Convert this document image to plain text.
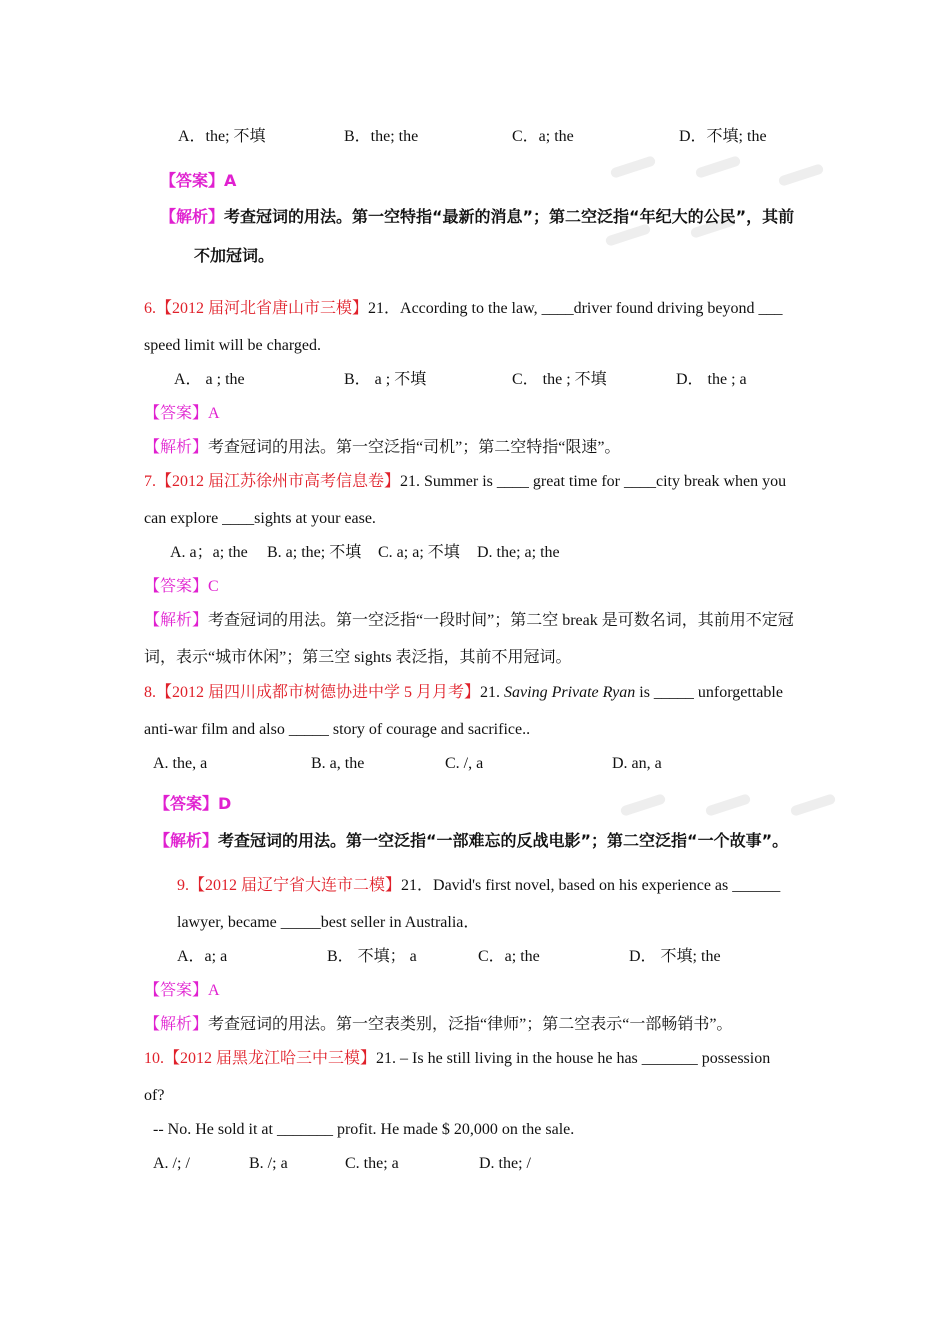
A．the; 不填	B．the; the	C．a; the	D．不填; the
【答案】A
【解析】考查冠词的用法。第一空特指“最新的消息”；第二空泛指“年纪大的公民”，其前
不加冠词。
6.【2012 届河北省唐山市三模】21．According to the law, ____driver found driving beyond ___
speed limit will be charged.
A． a ; the	B． a ; 不填	C． the ; 不填	D． the ; a
【答案】A
【解析】考查冠词的用法。第一空泛指“司机”；第二空特指“限速”。
7.【2012 届江苏徐州市高考信息卷】21. Summer is ____ great time for ____city break when you
can explore ____sights at your ease.
A. a；a; the B. a; the; 不填 C. a; a; 不填 D. the; a; the
【答案】C
【解析】考查冠词的用法。第一空泛指“一段时间”；第二空 break 是可数名词，其前用不定冠
词，表示“城市休闲”；第三空 sights 表泛指，其前不用冠词。
8.【2012 届四川成都市树德协进中学 5 月月考】21. Saving Private Ryan is _____ unforgettable
anti-war film and also _____ story of courage and sacrifice..
A. the, a	B. a, the	C. /, a	D. an, a
【答案】D
【解析】考查冠词的用法。第一空泛指“一部难忘的反战电影”；第二空泛指“一个故事”。
9.【2012 届辽宁省大连市二模】21．David's first novel, based on his experience as ______
lawyer, became _____best seller in Australia．
A．a; a	B． 不填； a	C．a; the	D． 不填; the
【答案】A
【解析】考查冠词的用法。第一空表类别，泛指“律师”；第二空表示“一部畅销书”。
10.【2012 届黑龙江哈三中三模】21. – Is he still living in the house he has _______ possession
of?
-- No. He sold it at _______ profit. He made $ 20,000 on the sale.
A. /; /	B. /; a	C. the; a	D. the; /
